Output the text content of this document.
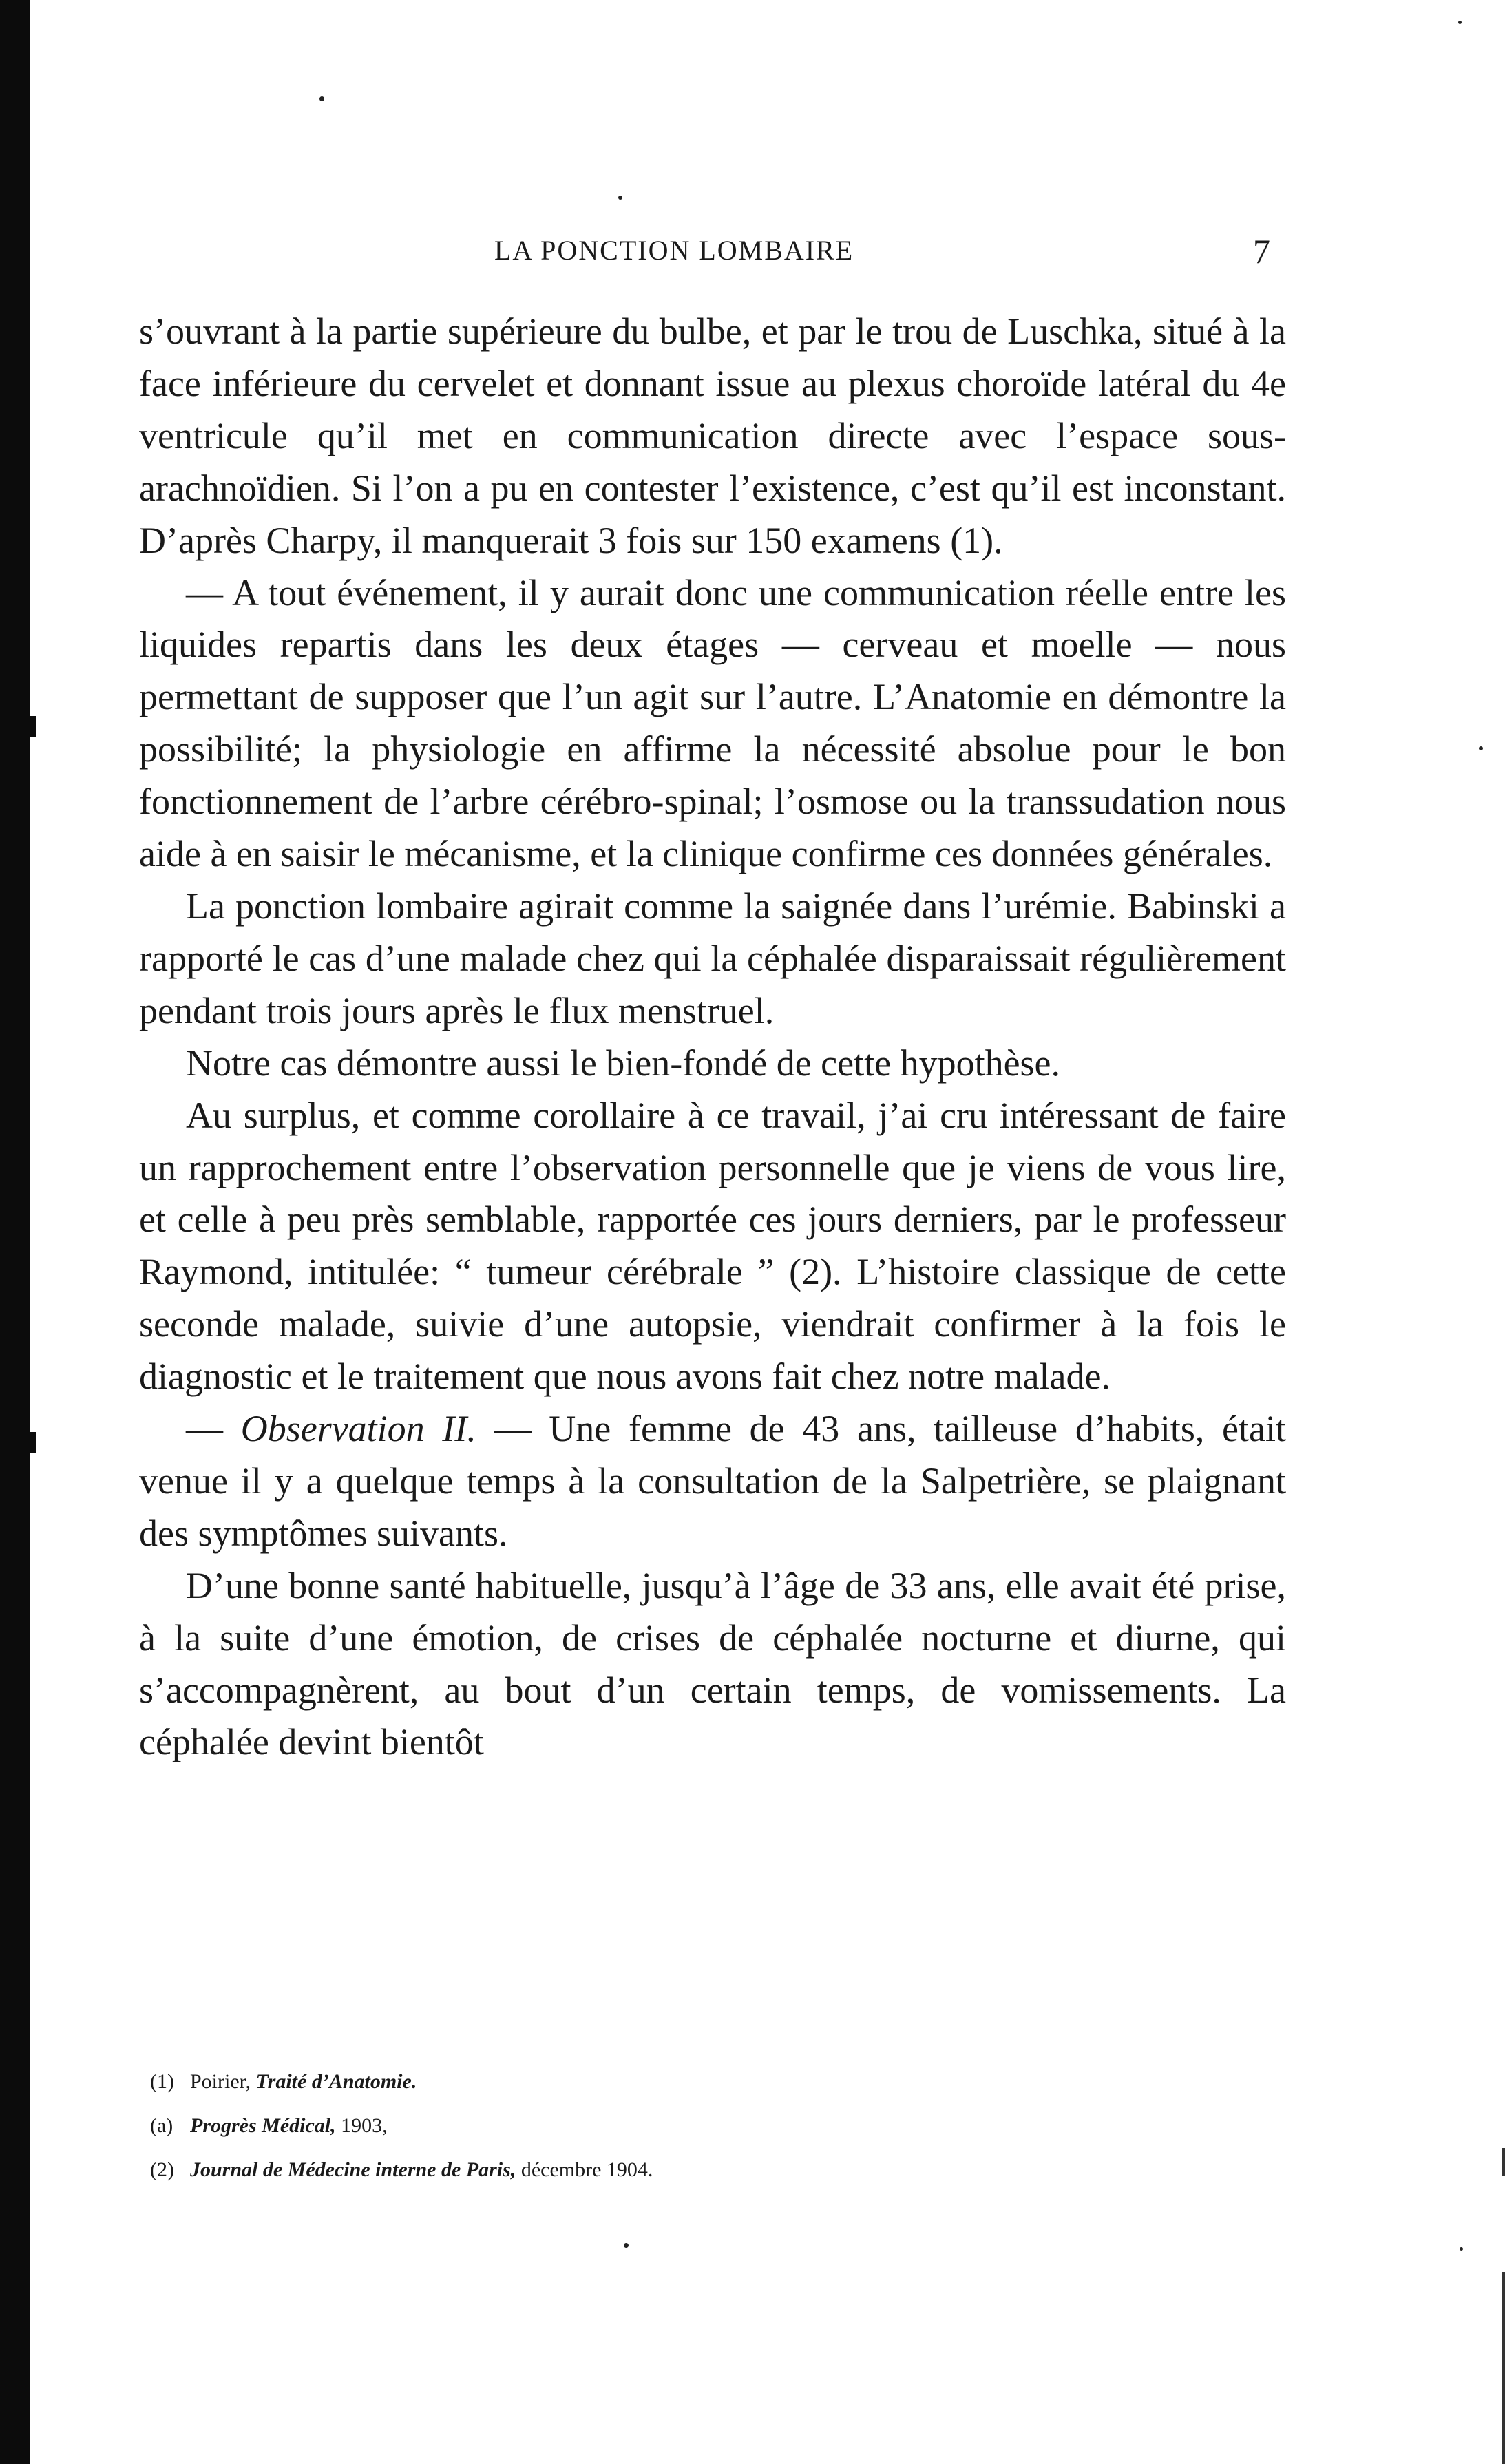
LA PONCTION LOMBAIRE	7

s’ouvrant à la partie supérieure du bulbe, et par le trou de Luschka, situé à la face inférieure du cervelet et donnant issue au plexus choroïde latéral du 4e ventricule qu’il met en communication directe avec l’espace sous-arachnoïdien. Si l’on a pu en contester l’existence, c’est qu’il est inconstant. D’après Charpy, il manquerait 3 fois sur 150 examens (1).

— A tout événement, il y aurait donc une communication réelle entre les liquides repartis dans les deux étages — cerveau et moelle — nous permettant de supposer que l’un agit sur l’autre. L’Anatomie en démontre la possibilité; la physiologie en affirme la nécessité absolue pour le bon fonctionnement de l’arbre cérébro-spinal; l’osmose ou la transsudation nous aide à en saisir le mécanisme, et la clinique confirme ces données générales.

La ponction lombaire agirait comme la saignée dans l’urémie. Babinski a rapporté le cas d’une malade chez qui la céphalée disparaissait régulièrement pendant trois jours après le flux menstruel.

Notre cas démontre aussi le bien-fondé de cette hypothèse.

Au surplus, et comme corollaire à ce travail, j’ai cru intéressant de faire un rapprochement entre l’observation personnelle que je viens de vous lire, et celle à peu près semblable, rapportée ces jours derniers, par le professeur Raymond, intitulée: “ tumeur cérébrale ” (2). L’histoire classique de cette seconde malade, suivie d’une autopsie, viendrait confirmer à la fois le diagnostic et le traitement que nous avons fait chez notre malade.

— Observation II. — Une femme de 43 ans, tailleuse d’habits, était venue il y a quelque temps à la consultation de la Salpetrière, se plaignant des symptômes suivants.

D’une bonne santé habituelle, jusqu’à l’âge de 33 ans, elle avait été prise, à la suite d’une émotion, de crises de céphalée nocturne et diurne, qui s’accompagnèrent, au bout d’un certain temps, de vomissements. La céphalée devint bientôt

(1) Poirier, Traité d’Anatomie.
(a) Progrès Médical, 1903,
(2) Journal de Médecine interne de Paris, décembre 1904.
